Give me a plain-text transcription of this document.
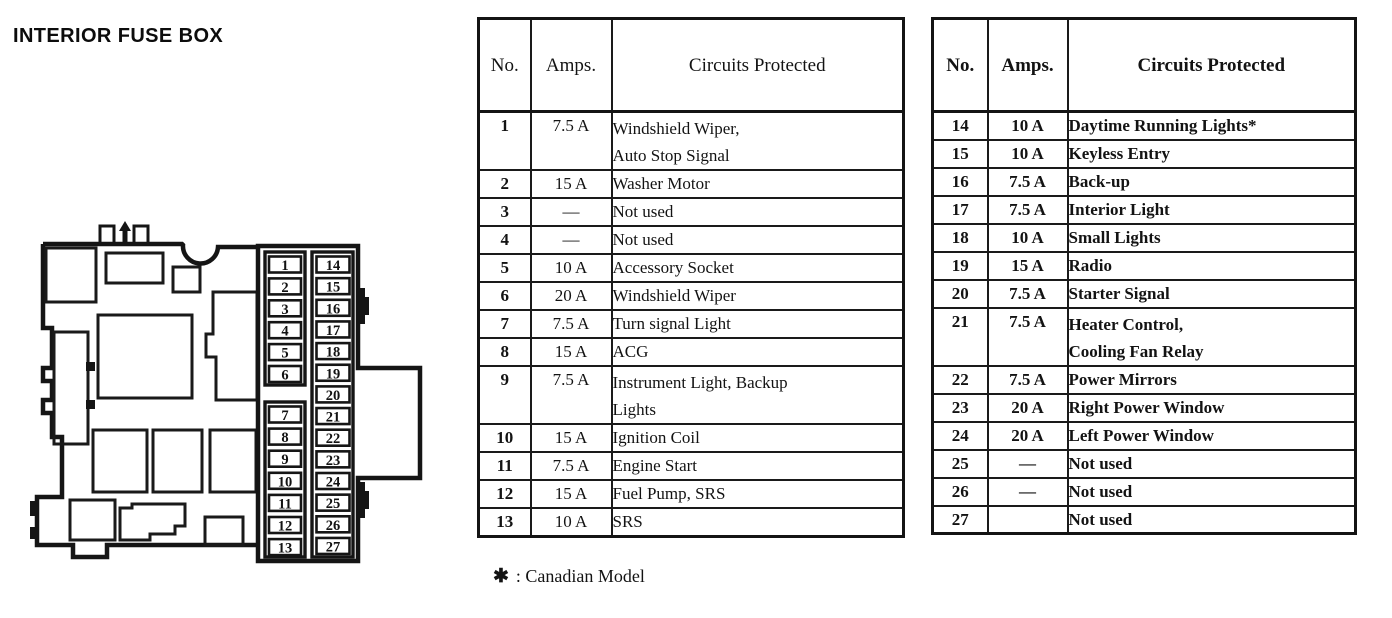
INTERIOR FUSE BOX
1
2
3
4
5
6
7
8
9
10
11
12
13
14
15
16
17
18
19
20
21
22
23
24
25
26
27
No.	Amps.	Circuits Protected
1	7.5 A	Windshield Wiper,
Auto Stop Signal

2	15 A	Washer Motor

3	—	Not used

4	—	Not used

5	10 A	Accessory Socket

6	20 A	Windshield Wiper

7	7.5 A	Turn signal Light

8	15 A	ACG

9	7.5 A	Instrument Light, Backup
Lights

10	15 A	Ignition Coil

11	7.5 A	Engine Start

12	15 A	Fuel Pump, SRS

13	10 A	SRS
No.	Amps.	Circuits Protected
14	10 A	Daytime Running Lights*

15	10 A	Keyless Entry

16	7.5 A	Back-up

17	7.5 A	Interior Light

18	10 A	Small Lights

19	15 A	Radio

20	7.5 A	Starter Signal

21	7.5 A	Heater Control,
Cooling Fan Relay

22	7.5 A	Power Mirrors

23	20 A	Right Power Window

24	20 A	Left Power Window

25	—	Not used

26	—	Not used

27		Not used
✱ : Canadian Model
